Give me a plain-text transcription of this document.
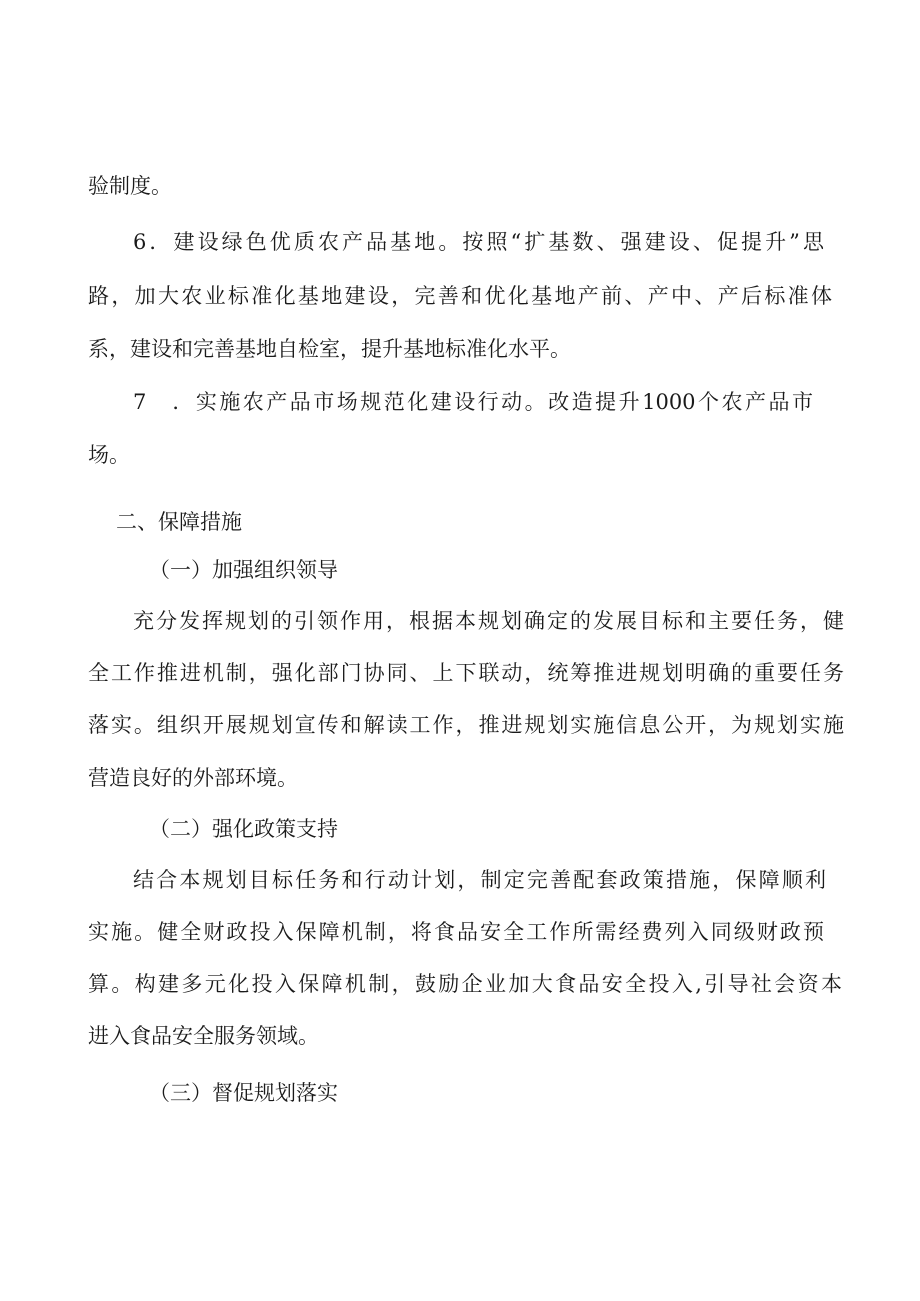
验制度。
6．建设绿色优质农产品基地。按照“扩基数、强建设、促提升”思
路，加大农业标准化基地建设，完善和优化基地产前、产中、产后标准体
系，建设和完善基地自检室，提升基地标准化水平。
7　．实施农产品市场规范化建设行动。改造提升1000个农产品市
场。
二、保障措施
（一）加强组织领导
充分发挥规划的引领作用，根据本规划确定的发展目标和主要任务，健
全工作推进机制，强化部门协同、上下联动，统筹推进规划明确的重要任务
落实。组织开展规划宣传和解读工作，推进规划实施信息公开，为规划实施
营造良好的外部环境。
（二）强化政策支持
结合本规划目标任务和行动计划，制定完善配套政策措施，保障顺利
实施。健全财政投入保障机制，将食品安全工作所需经费列入同级财政预
算。构建多元化投入保障机制，鼓励企业加大食品安全投入,引导社会资本
进入食品安全服务领域。
（三）督促规划落实
